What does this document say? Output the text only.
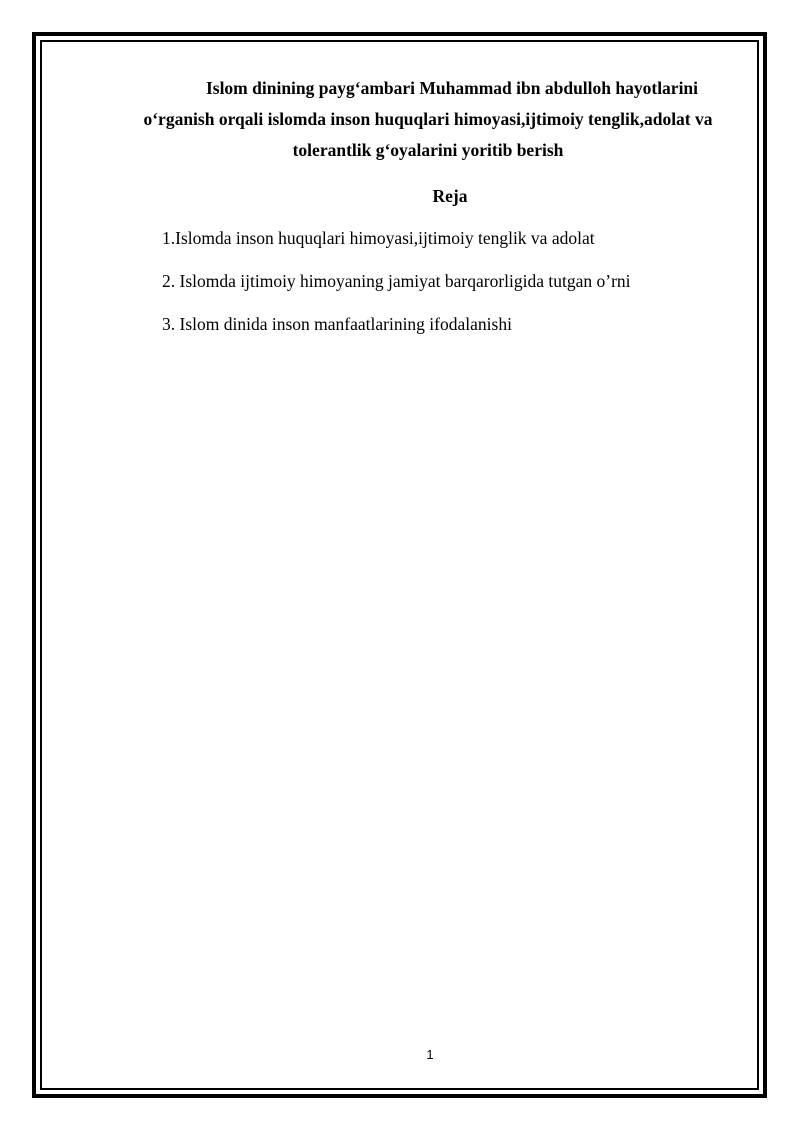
Islom dinining payg‘ambari Muhammad ibn abdulloh hayotlarini
o‘rganish orqali islomda inson huquqlari himoyasi,ijtimoiy tenglik,adolat va
tolerantlik g‘oyalarini yoritib berish
Reja
1.Islomda inson huquqlari himoyasi,ijtimoiy tenglik va adolat
2. Islomda ijtimoiy himoyaning jamiyat barqarorligida tutgan o’rni
3. Islom dinida inson manfaatlarining ifodalanishi
1
